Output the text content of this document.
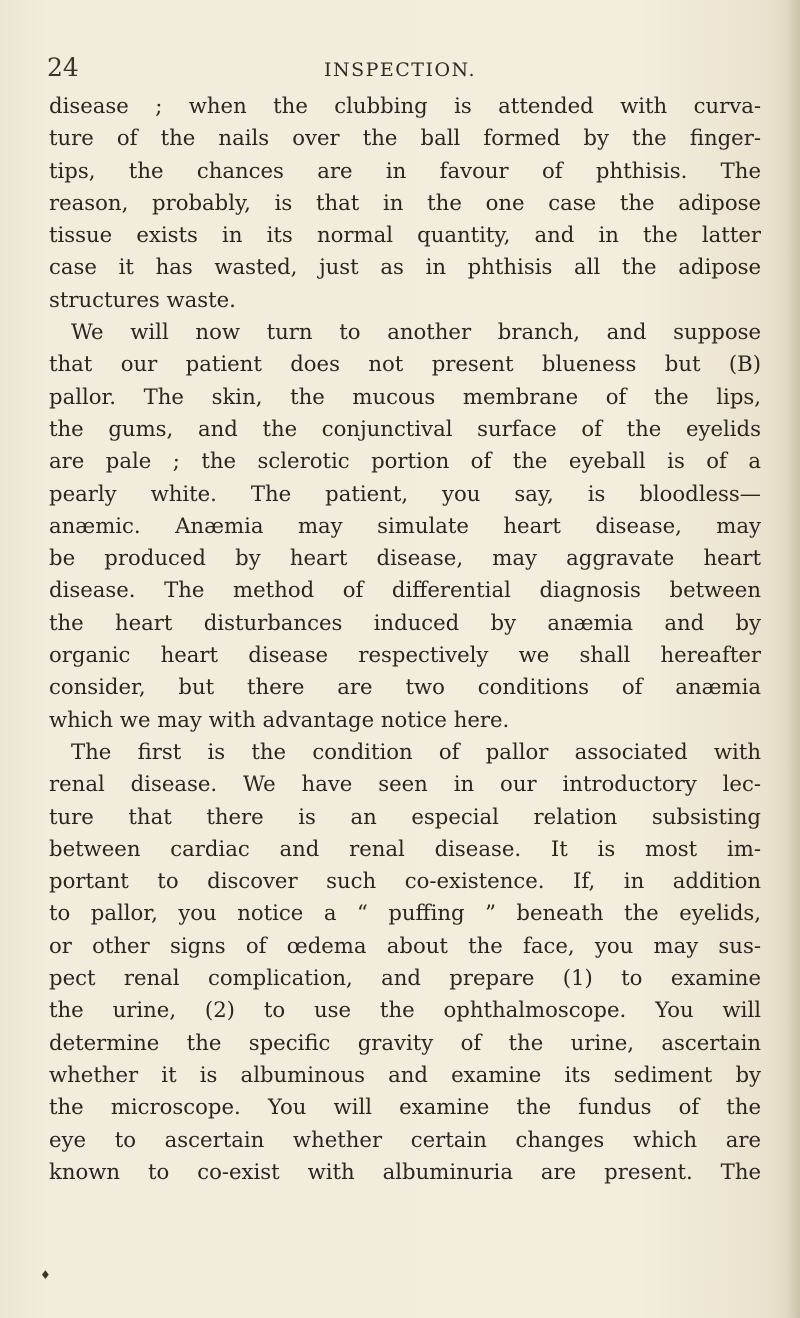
24	INSPECTION.
disease ; when the clubbing is attended with curva-
ture of the nails over the ball formed by the finger-
tips, the chances are in favour of phthisis. The
reason, probably, is that in the one case the adipose
tissue exists in its normal quantity, and in the latter
case it has wasted, just as in phthisis all the adipose
structures waste.
We will now turn to another branch, and suppose
that our patient does not present blueness but (B)
pallor. The skin, the mucous membrane of the lips,
the gums, and the conjunctival surface of the eyelids
are pale ; the sclerotic portion of the eyeball is of a
pearly white. The patient, you say, is bloodless—
anæmic. Anæmia may simulate heart disease, may
be produced by heart disease, may aggravate heart
disease. The method of differential diagnosis between
the heart disturbances induced by anæmia and by
organic heart disease respectively we shall hereafter
consider, but there are two conditions of anæmia
which we may with advantage notice here.
The first is the condition of pallor associated with
renal disease. We have seen in our introductory lec-
ture that there is an especial relation subsisting
between cardiac and renal disease. It is most im-
portant to discover such co-existence. If, in addition
to pallor, you notice a “ puffing ” beneath the eyelids,
or other signs of œdema about the face, you may sus-
pect renal complication, and prepare (1) to examine
the urine, (2) to use the ophthalmoscope. You will
determine the specific gravity of the urine, ascertain
whether it is albuminous and examine its sediment by
the microscope. You will examine the fundus of the
eye to ascertain whether certain changes which are
known to co-exist with albuminuria are present. The
♦
